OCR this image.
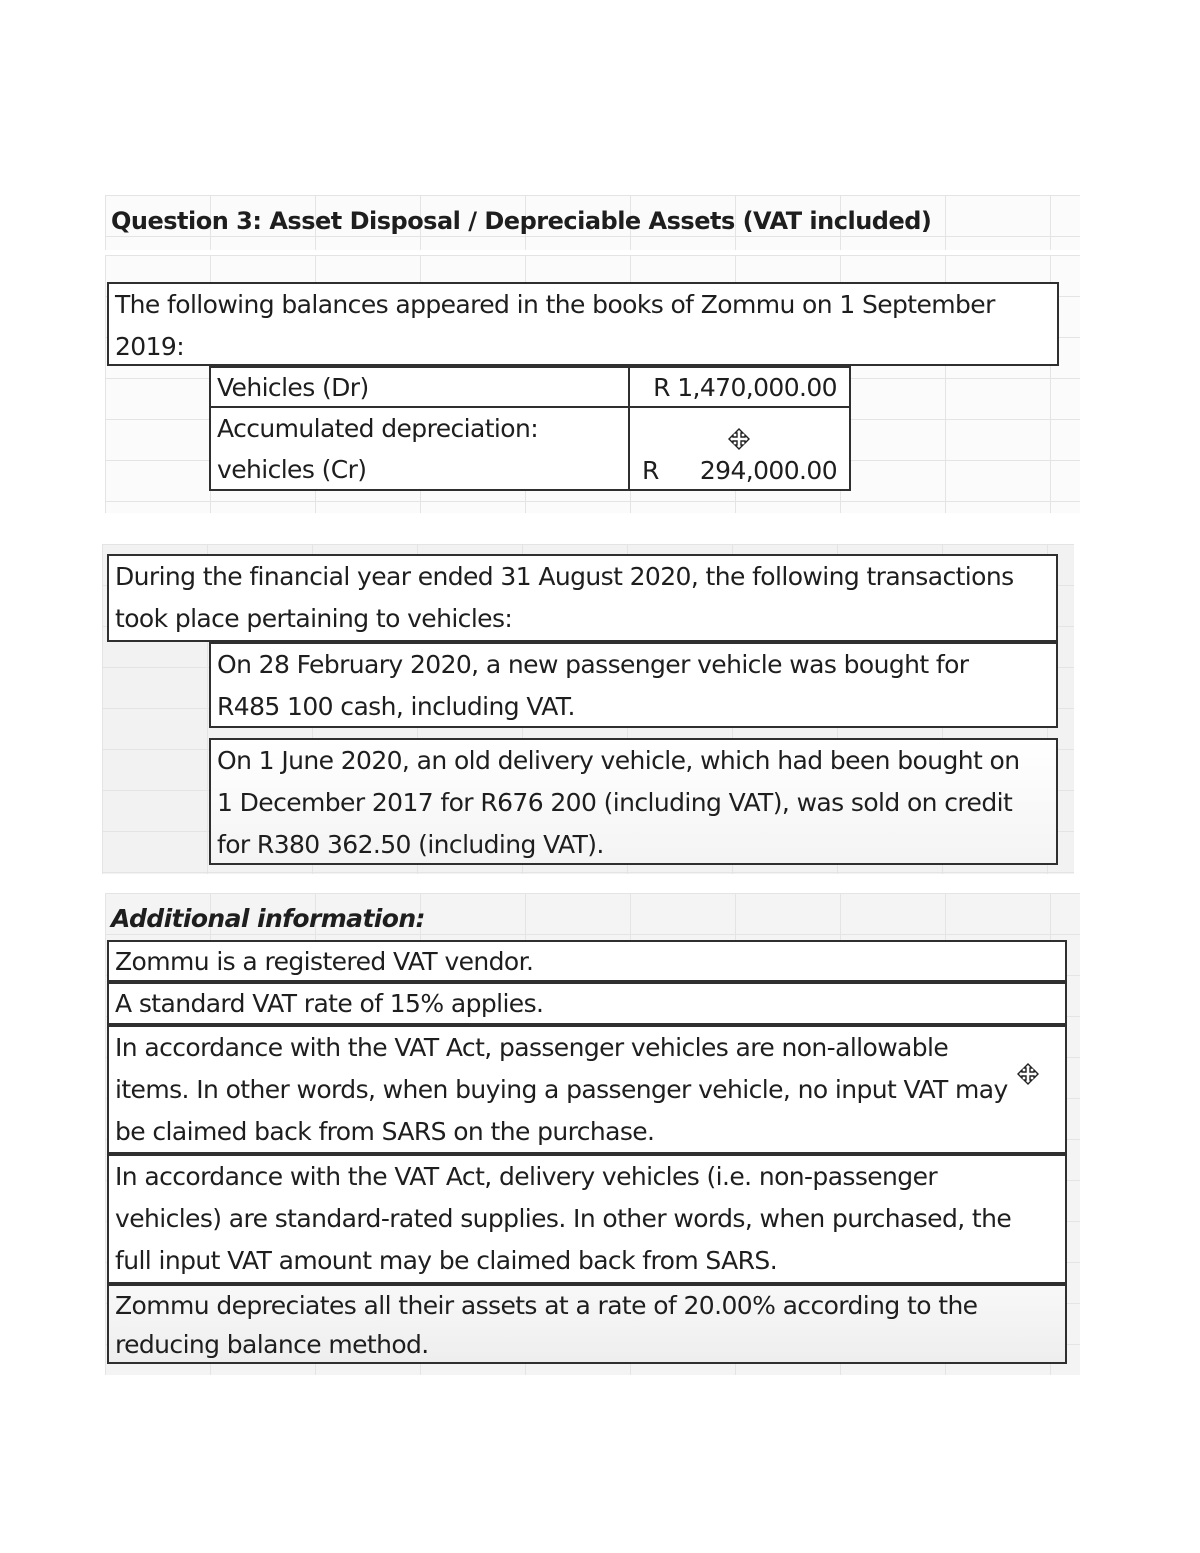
Question 3: Asset Disposal / Depreciable Assets (VAT included)
The following balances appeared in the books of Zommu on 1 September
2019:
Vehicles (Dr)	R 1,470,000.00
Accumulated depreciation:
vehicles (Cr)	R 294,000.00
During the financial year ended 31 August 2020, the following transactions
took place pertaining to vehicles:
On 28 February 2020, a new passenger vehicle was bought for
R485 100 cash, including VAT.
On 1 June 2020, an old delivery vehicle, which had been bought on
1 December 2017 for R676 200 (including VAT), was sold on credit
for R380 362.50 (including VAT).
Additional information:
Zommu is a registered VAT vendor.
A standard VAT rate of 15% applies.
In accordance with the VAT Act, passenger vehicles are non-allowable
items. In other words, when buying a passenger vehicle, no input VAT may
be claimed back from SARS on the purchase.
In accordance with the VAT Act, delivery vehicles (i.e. non-passenger
vehicles) are standard-rated supplies. In other words, when purchased, the
full input VAT amount may be claimed back from SARS.
Zommu depreciates all their assets at a rate of 20.00% according to the
reducing balance method.
